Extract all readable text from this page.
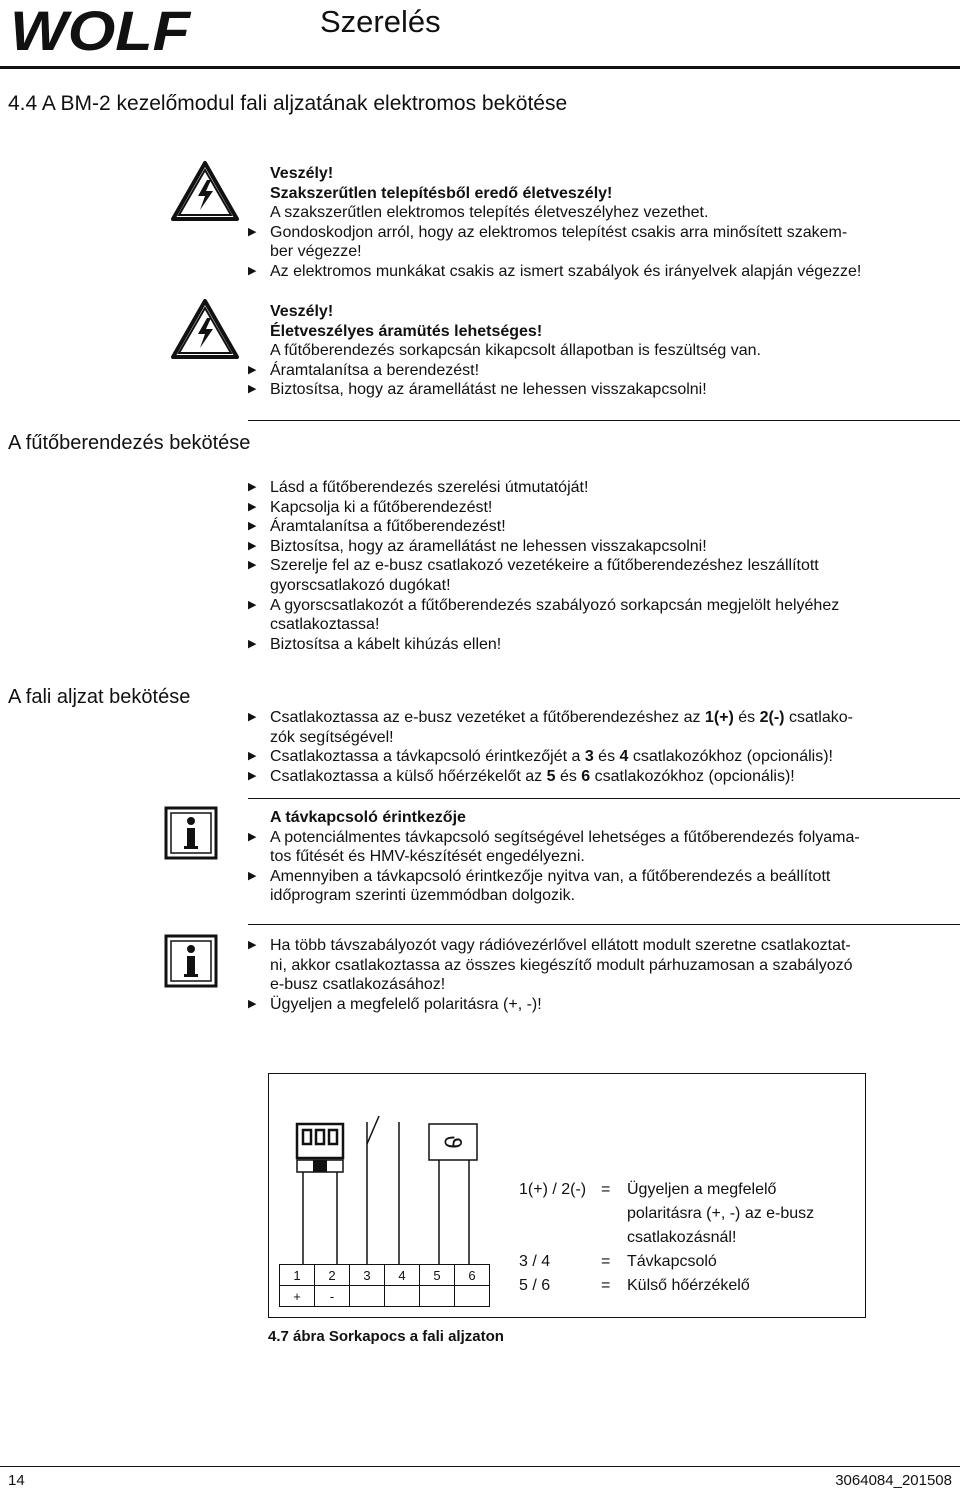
WOLF	Szerelés
4.4 A BM-2 kezelőmodul fali aljzatának elektromos bekötése
Veszély!
Szakszerűtlen telepítésből eredő életveszély!
A szakszerűtlen elektromos telepítés életveszélyhez vezethet.
▶ Gondoskodjon arról, hogy az elektromos telepítést csakis arra minősített szakem-
ber végezze!
▶ Az elektromos munkákat csakis az ismert szabályok és irányelvek alapján végezze!
Veszély!
Életveszélyes áramütés lehetséges!
A fűtőberendezés sorkapcsán kikapcsolt állapotban is feszültség van.
▶ Áramtalanítsa a berendezést!
▶ Biztosítsa, hogy az áramellátást ne lehessen visszakapcsolni!
A fűtőberendezés bekötése
▶ Lásd a fűtőberendezés szerelési útmutatóját!
▶ Kapcsolja ki a fűtőberendezést!
▶ Áramtalanítsa a fűtőberendezést!
▶ Biztosítsa, hogy az áramellátást ne lehessen visszakapcsolni!
▶ Szerelje fel az e-busz csatlakozó vezetékeire a fűtőberendezéshez leszállított
gyorscsatlakozó dugókat!
▶ A gyorscsatlakozót a fűtőberendezés szabályozó sorkapcsán megjelölt helyéhez
csatlakoztassa!
▶ Biztosítsa a kábelt kihúzás ellen!
A fali aljzat bekötése
▶ Csatlakoztassa az e-busz vezetéket a fűtőberendezéshez az 1(+) és 2(-) csatlako-
zók segítségével!
▶ Csatlakoztassa a távkapcsoló érintkezőjét a 3 és 4 csatlakozókhoz (opcionális)!
▶ Csatlakoztassa a külső hőérzékelőt az 5 és 6 csatlakozókhoz (opcionális)!
A távkapcsoló érintkezője
▶ A potenciálmentes távkapcsoló segítségével lehetséges a fűtőberendezés folyama-
tos fűtését és HMV-készítését engedélyezni.
▶ Amennyiben a távkapcsoló érintkezője nyitva van, a fűtőberendezés a beállított
időprogram szerinti üzemmódban dolgozik.
▶ Ha több távszabályozót vagy rádióvezérlővel ellátott modult szeretne csatlakoztat-
ni, akkor csatlakoztassa az összes kiegészítő modult párhuzamosan a szabályozó
e-busz csatlakozásához!
▶ Ügyeljen a megfelelő polaritásra (+, -)!
ϑ
1	2	3	4	5	6
+	-				
1(+) / 2(-)	=	Ügyeljen a megfelelő
		polaritásra (+, -) az e-busz
		csatlakozásnál!
3 / 4	=	Távkapcsoló
5 / 6	=	Külső hőérzékelő
4.7 ábra Sorkapocs a fali aljzaton
14	3064084_201508
